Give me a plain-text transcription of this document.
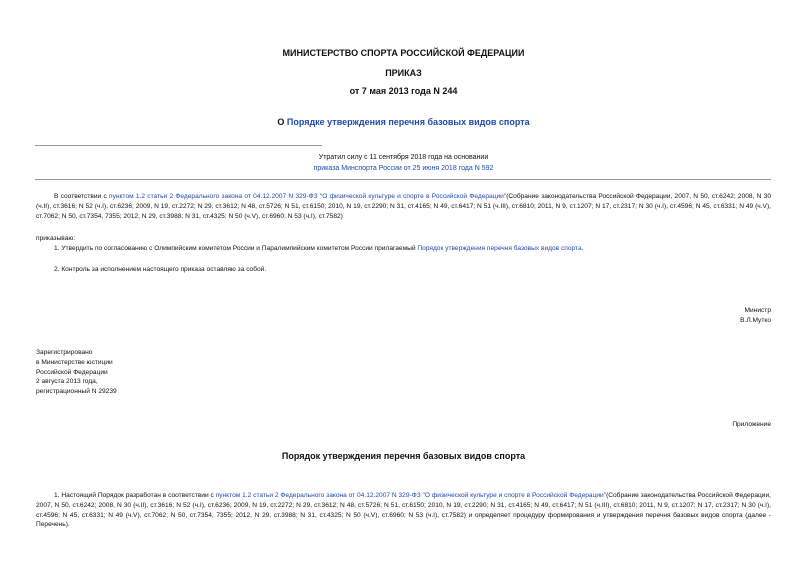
МИНИСТЕРСТВО СПОРТА РОССИЙСКОЙ ФЕДЕРАЦИИ
ПРИКАЗ
от 7 мая 2013 года N 244
О Порядке утверждения перечня базовых видов спорта
Утратил силу с 11 сентября 2018 года на основании
приказа Минспорта России от 25 июня 2018 года N 592
В соответствии с пунктом 1.2 статьи 2 Федерального закона от 04.12.2007 N 329-ФЗ "О физической культуре и спорте в Российской Федерации"(Собрание законодательства Российской Федерации, 2007, N 50, ст.6242; 2008, N 30 (ч.II), ст.3616; N 52 (ч.I), ст.6236; 2009, N 19, ст.2272; N 29, ст.3612; N 48, ст.5726; N 51, ст.6150; 2010, N 19, ст.2290; N 31, ст.4165; N 49, ст.6417; N 51 (ч.III), ст.6810; 2011, N 9, ст.1207; N 17, ст.2317; N 30 (ч.I), ст.4596; N 45, ст.6331; N 49 (ч.V), ст.7062; N 50, ст.7354, 7355; 2012, N 29, ст.3988; N 31, ст.4325; N 50 (ч.V), ст.6960; N 53 (ч.I), ст.7582)
приказываю:
1. Утвердить по согласованию с Олимпийским комитетом России и Паралимпийским комитетом России прилагаемый Порядок утверждения перечня базовых видов спорта.
2. Контроль за исполнением настоящего приказа оставляю за собой.
Министр
В.Л.Мутко
Зарегистрировано
в Министерстве юстиции
Российской Федерации
2 августа 2013 года,
регистрационный N 29239
Приложение
Порядок утверждения перечня базовых видов спорта
1. Настоящий Порядок разработан в соответствии с пунктом 1.2 статьи 2 Федерального закона от 04.12.2007 N 329-ФЗ "О физической культуре и спорте в Российской Федерации"(Собрание законодательства Российской Федерации, 2007, N 50, ст.6242; 2008, N 30 (ч.II), ст.3616; N 52 (ч.I), ст.6236; 2009, N 19, ст.2272; N 29, ст.3612; N 48, ст.5726; N 51, ст.6150; 2010, N 19, ст.2290; N 31, ст.4165; N 49, ст.6417; N 51 (ч.III), ст.6810; 2011, N 9, ст.1207; N 17, ст.2317; N 30 (ч.I), ст.4596; N 45, ст.6331; N 49 (ч.V), ст.7062; N 50, ст.7354, 7355; 2012, N 29, ст.3988; N 31, ст.4325; N 50 (ч.V), ст.6960; N 53 (ч.I), ст.7582) и определяет процедуру формирования и утверждения перечня базовых видов спорта (далее - Перечень).
